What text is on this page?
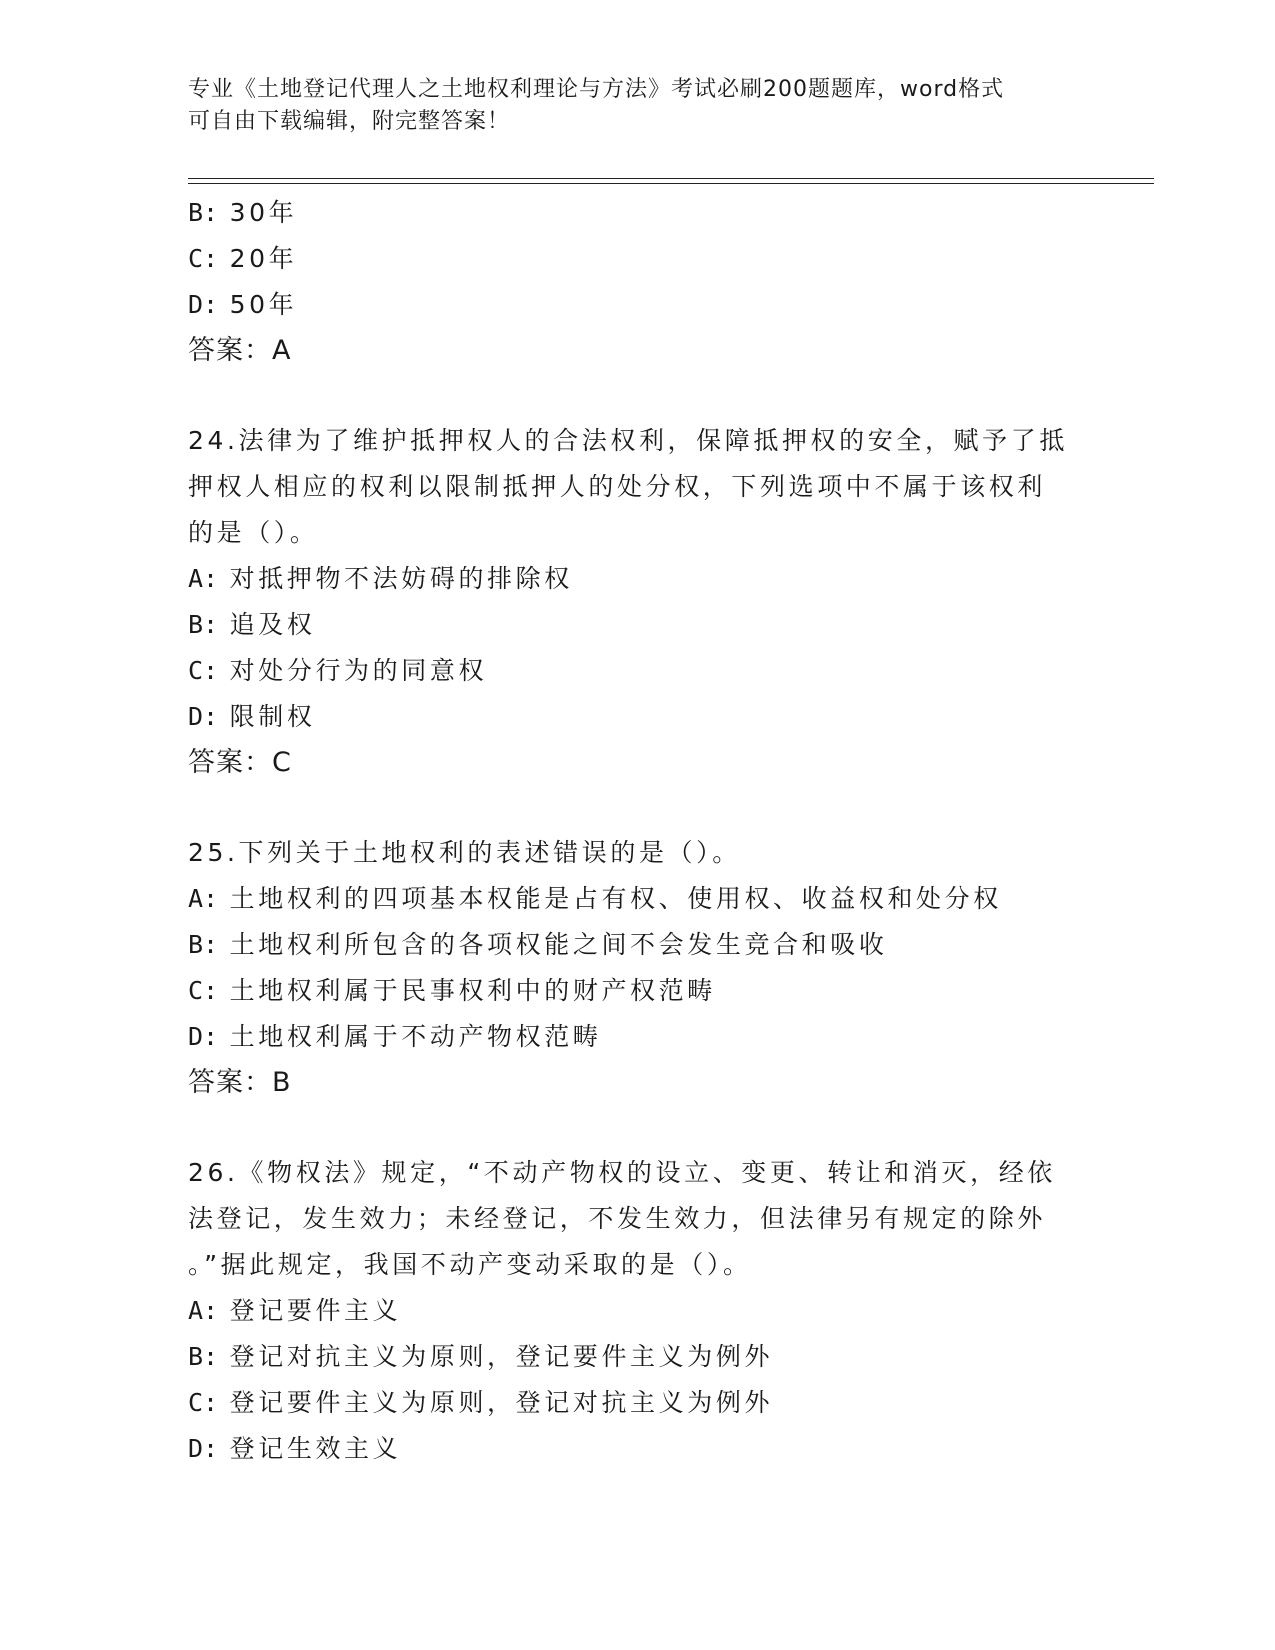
专业《土地登记代理人之土地权利理论与方法》考试必刷200题题库，word格式
可自由下载编辑，附完整答案！
B: 30年
C: 20年
D: 50年
答案：A
24.法律为了维护抵押权人的合法权利，保障抵押权的安全，赋予了抵
押权人相应的权利以限制抵押人的处分权，下列选项中不属于该权利
的是（）。
A: 对抵押物不法妨碍的排除权
B: 追及权
C: 对处分行为的同意权
D: 限制权
答案：C
25.下列关于土地权利的表述错误的是（）。
A: 土地权利的四项基本权能是占有权、使用权、收益权和处分权
B: 土地权利所包含的各项权能之间不会发生竞合和吸收
C: 土地权利属于民事权利中的财产权范畴
D: 土地权利属于不动产物权范畴
答案：B
26.《物权法》规定，“不动产物权的设立、变更、转让和消灭，经依
法登记，发生效力；未经登记，不发生效力，但法律另有规定的除外
。”据此规定，我国不动产变动采取的是（）。
A: 登记要件主义
B: 登记对抗主义为原则，登记要件主义为例外
C: 登记要件主义为原则，登记对抗主义为例外
D: 登记生效主义
